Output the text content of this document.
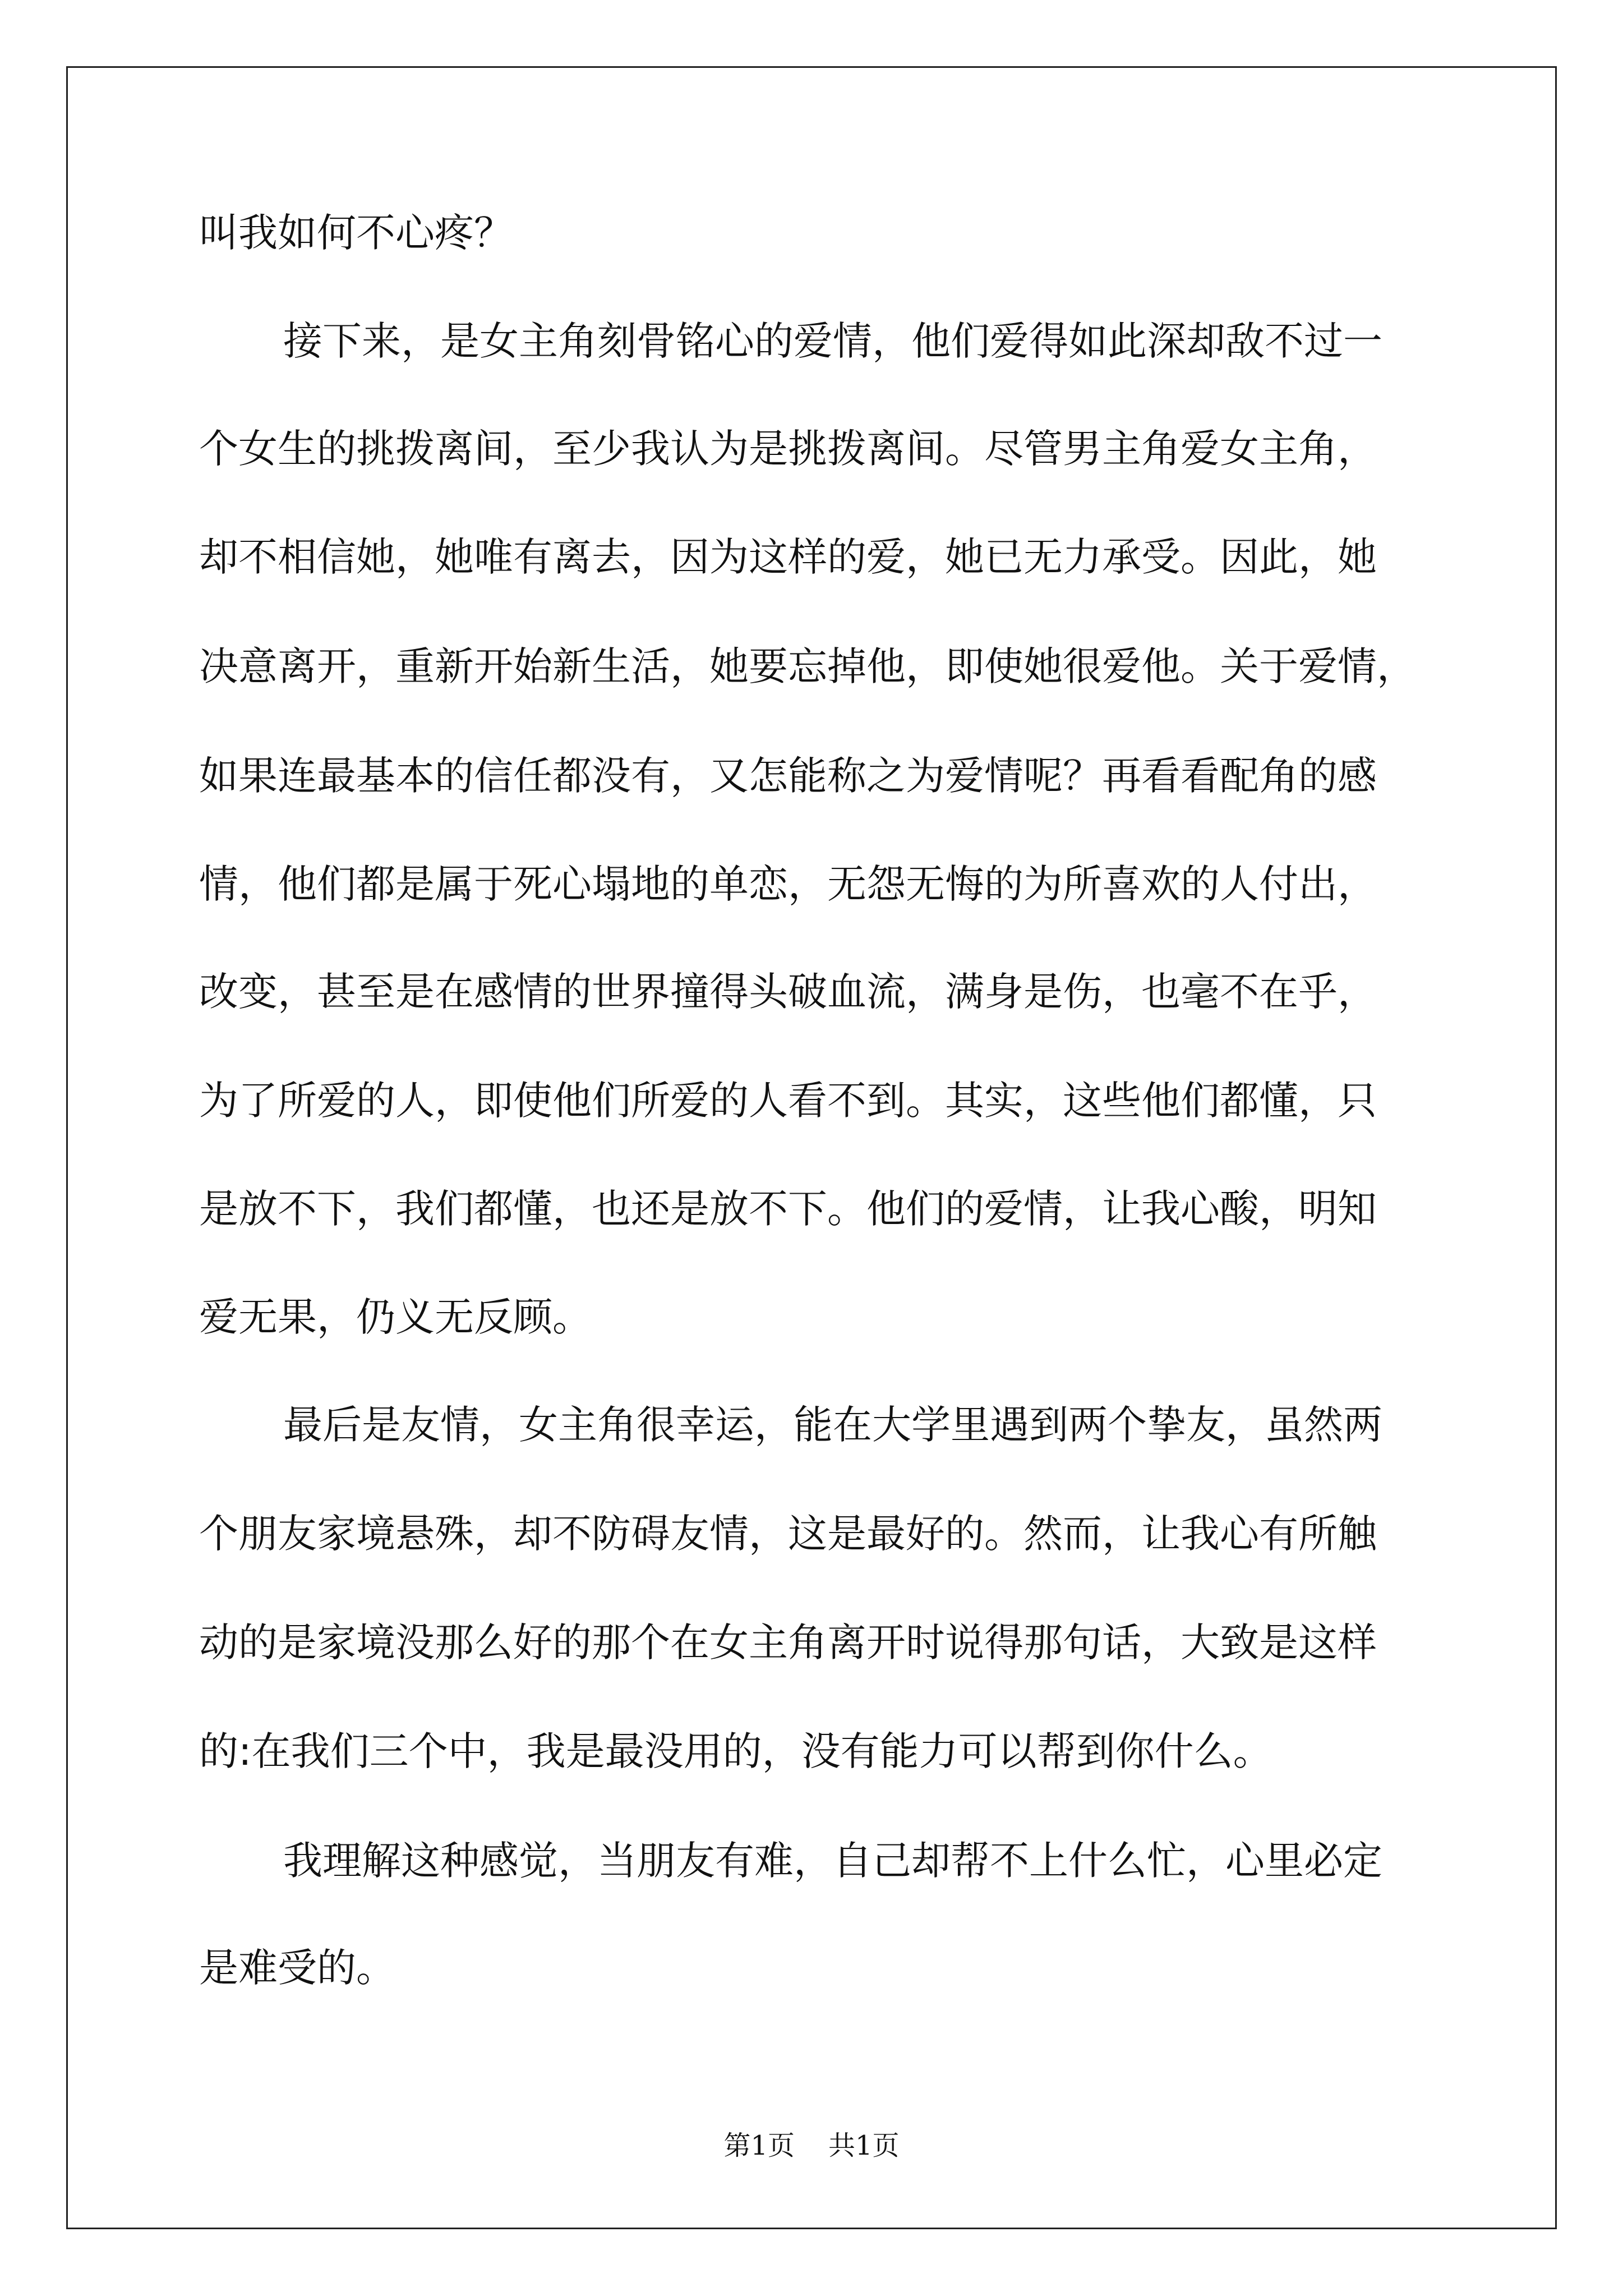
叫我如何不心疼？
接下来，是女主角刻骨铭心的爱情，他们爱得如此深却敌不过一
个女生的挑拨离间，至少我认为是挑拨离间。尽管男主角爱女主角，
却不相信她，她唯有离去，因为这样的爱，她已无力承受。因此，她
决意离开，重新开始新生活，她要忘掉他，即使她很爱他。关于爱情，
如果连最基本的信任都没有，又怎能称之为爱情呢？再看看配角的感
情，他们都是属于死心塌地的单恋，无怨无悔的为所喜欢的人付出，
改变，甚至是在感情的世界撞得头破血流，满身是伤，也毫不在乎，
为了所爱的人，即使他们所爱的人看不到。其实，这些他们都懂，只
是放不下，我们都懂，也还是放不下。他们的爱情，让我心酸，明知
爱无果，仍义无反顾。
最后是友情，女主角很幸运，能在大学里遇到两个挚友，虽然两
个朋友家境悬殊，却不防碍友情，这是最好的。然而，让我心有所触
动的是家境没那么好的那个在女主角离开时说得那句话，大致是这样
的:在我们三个中，我是最没用的，没有能力可以帮到你什么。
我理解这种感觉，当朋友有难，自己却帮不上什么忙，心里必定
是难受的。
第1页 共1页
